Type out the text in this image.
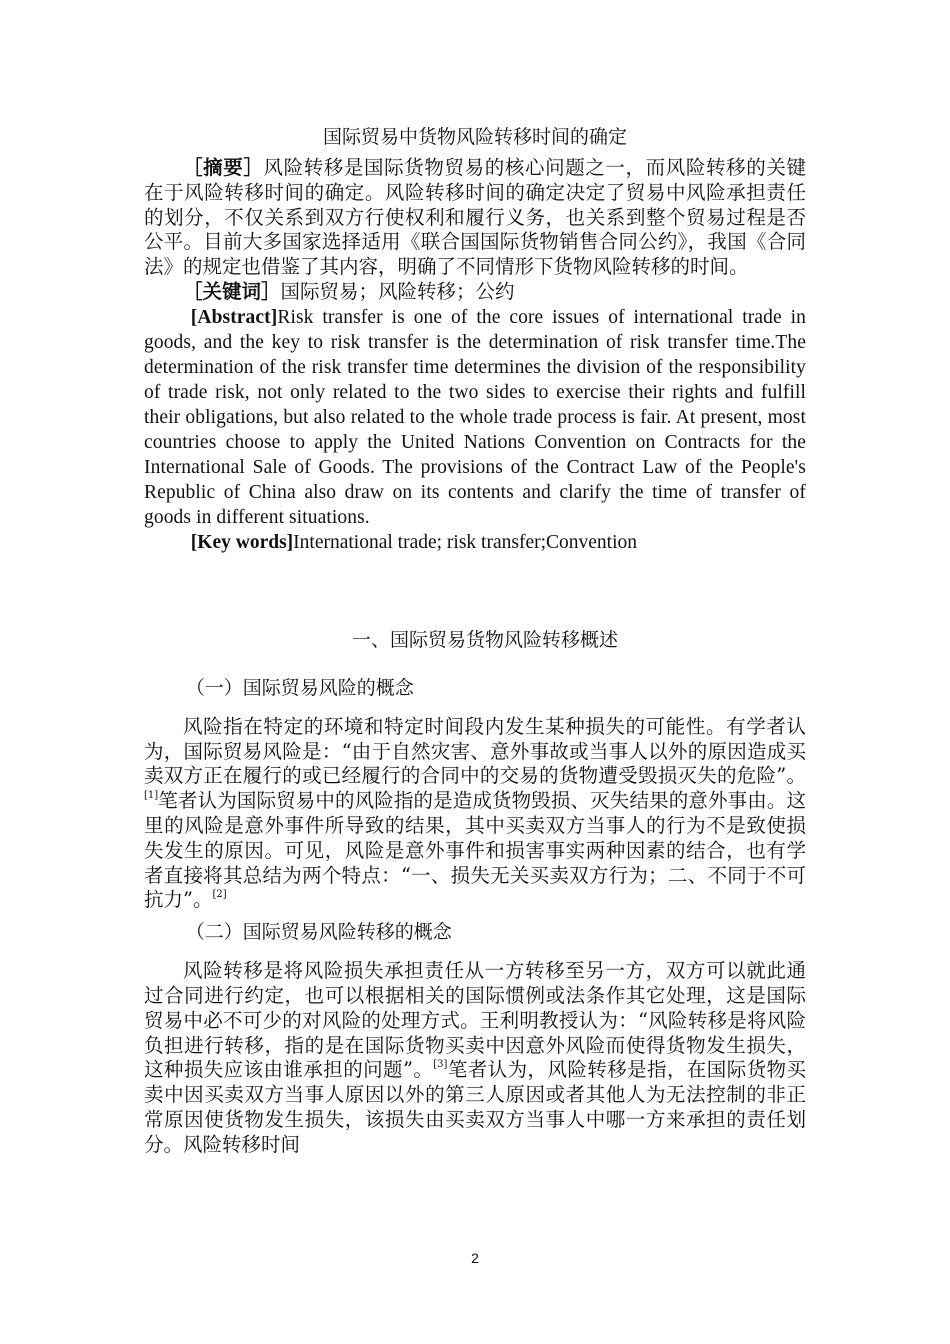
国际贸易中货物风险转移时间的确定

［摘要］风险转移是国际货物贸易的核心问题之一，而风险转移的关键在于风险转移时间的确定。风险转移时间的确定决定了贸易中风险承担责任的划分，不仅关系到双方行使权利和履行义务，也关系到整个贸易过程是否公平。目前大多国家选择适用《联合国国际货物销售合同公约》，我国《合同法》的规定也借鉴了其内容，明确了不同情形下货物风险转移的时间。

［关键词］国际贸易；风险转移；公约

[Abstract]Risk transfer is one of the core issues of international trade in goods, and the key to risk transfer is the determination of risk transfer time.The determination of the risk transfer time determines the division of the responsibility of trade risk, not only related to the two sides to exercise their rights and fulfill their obligations, but also related to the whole trade process is fair. At present, most countries choose to apply the United Nations Convention on Contracts for the International Sale of Goods. The provisions of the Contract Law of the People's Republic of China also draw on its contents and clarify the time of transfer of goods in different situations.

[Key words]International trade; risk transfer;Convention

一、国际贸易货物风险转移概述
（一）国际贸易风险的概念

风险指在特定的环境和特定时间段内发生某种损失的可能性。有学者认为，国际贸易风险是：“由于自然灾害、意外事故或当事人以外的原因造成买卖双方正在履行的或已经履行的合同中的交易的货物遭受毁损灭失的危险”。[1]笔者认为国际贸易中的风险指的是造成货物毁损、灭失结果的意外事由。这里的风险是意外事件所导致的结果，其中买卖双方当事人的行为不是致使损失发生的原因。可见，风险是意外事件和损害事实两种因素的结合，也有学者直接将其总结为两个特点：“一、损失无关买卖双方行为；二、不同于不可抗力”。[2]

（二）国际贸易风险转移的概念

风险转移是将风险损失承担责任从一方转移至另一方，双方可以就此通过合同进行约定，也可以根据相关的国际惯例或法条作其它处理，这是国际贸易中必不可少的对风险的处理方式。王利明教授认为：“风险转移是将风险负担进行转移，指的是在国际货物买卖中因意外风险而使得货物发生损失，这种损失应该由谁承担的问题”。[3]笔者认为，风险转移是指，在国际货物买卖中因买卖双方当事人原因以外的第三人原因或者其他人为无法控制的非正常原因使货物发生损失，该损失由买卖双方当事人中哪一方来承担的责任划分。风险转移时间

2
